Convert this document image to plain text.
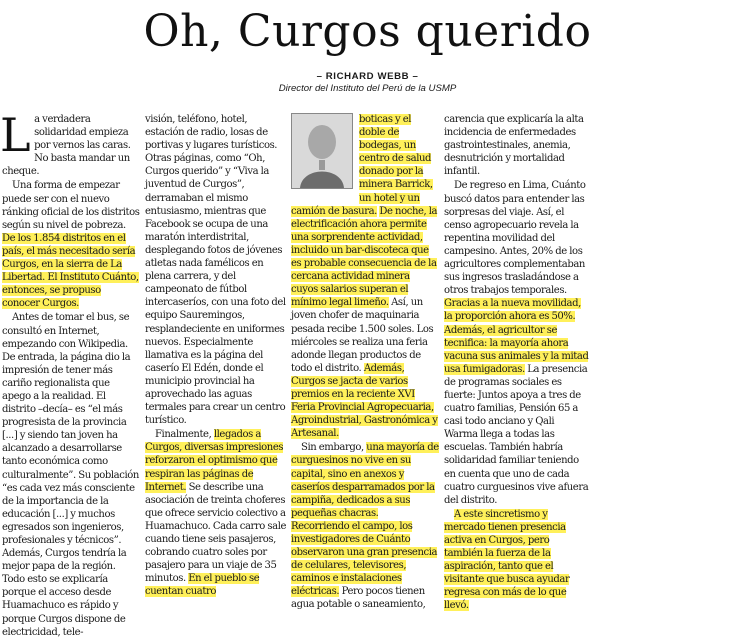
Oh, Curgos querido
– RICHARD WEBB –
Director del Instituto del Perú de la USMP
L a verdadera solidaridad empieza por vernos las caras. No basta mandar un cheque.
Una forma de empezar puede ser con el nuevo ránking oficial de los distritos según su nivel de pobreza. De los 1.854 distritos en el país, el más necesitado sería Curgos, en la sierra de La Libertad. El Instituto Cuánto, entonces, se propuso conocer Curgos.
Antes de tomar el bus, se consultó en Internet, empezando con Wikipedia. De entrada, la página dio la impresión de tener más cariño regionalista que apego a la realidad. El distrito –decía– es “el más progresista de la provincia [...] y siendo tan joven ha alcanzado a desarrollarse tanto económica como culturalmente”. Su población “es cada vez más consciente de la importancia de la educación [...] y muchos egresados son ingenieros, profesionales y técnicos”. Además, Curgos tendría la mejor papa de la región. Todo esto se explicaría porque el acceso desde Huamachuco es rápido y porque Curgos dispone de electricidad, tele-
visión, teléfono, hotel, estación de radio, losas de portivas y lugares turísticos. Otras páginas, como “Oh, Curgos querido” y “Viva la juventud de Curgos”, derramaban el mismo entusiasmo, mientras que Facebook se ocupa de una maratón interdistrital, desplegando fotos de jóvenes atletas nada famélicos en plena carrera, y del campeonato de fútbol intercaseríos, con una foto del equipo Sauremingos, resplandeciente en uniformes nuevos. Especialmente llamativa es la página del caserío El Edén, donde el municipio provincial ha aprovechado las aguas termales para crear un centro turístico.
Finalmente, llegados a Curgos, diversas impresiones reforzaron el optimismo que respiran las páginas de Internet. Se describe una asociación de treinta choferes que ofrece servicio colectivo a Huamachuco. Cada carro sale cuando tiene seis pasajeros, cobrando cuatro soles por pasajero para un viaje de 35 minutos. En el pueblo se cuentan cuatro
boticas y el doble de bodegas, un centro de salud donado por la minera Barrick, un hotel y un camión de basura. De noche, la electrificación ahora permite una sorprendente actividad, incluido un bar-discoteca que es probable consecuencia de la cercana actividad minera cuyos salarios superan el mínimo legal limeño. Así, un joven chofer de maquinaria pesada recibe 1.500 soles. Los miércoles se realiza una feria adonde llegan productos de todo el distrito. Además, Curgos se jacta de varios premios en la reciente XVI Feria Provincial Agropecuaria, Agroindustrial, Gastronómica y Artesanal.
Sin embargo, una mayoría de curguesinos no vive en su capital, sino en anexos y caseríos desparramados por la campiña, dedicados a sus pequeñas chacras. Recorriendo el campo, los investigadores de Cuánto observaron una gran presencia de celulares, televisores, caminos e instalaciones eléctricas. Pero pocos tienen agua potable o saneamiento,
carencia que explicaría la alta incidencia de enfermedades gastrointestinales, anemia, desnutrición y mortalidad infantil.
De regreso en Lima, Cuánto buscó datos para entender las sorpresas del viaje. Así, el censo agropecuario revela la repentina movilidad del campesino. Antes, 20% de los agricultores complementaban sus ingresos trasladándose a otros trabajos temporales. Gracias a la nueva movilidad, la proporción ahora es 50%. Además, el agricultor se tecnifica: la mayoría ahora vacuna sus animales y la mitad usa fumigadoras. La presencia de programas sociales es fuerte: Juntos apoya a tres de cuatro familias, Pensión 65 a casi todo anciano y Qali Warma llega a todas las escuelas. También habría solidaridad familiar teniendo en cuenta que uno de cada cuatro curguesinos vive afuera del distrito.
A este sincretismo y mercado tienen presencia activa en Curgos, pero también la fuerza de la aspiración, tanto que el visitante que busca ayudar regresa con más de lo que llevó.
